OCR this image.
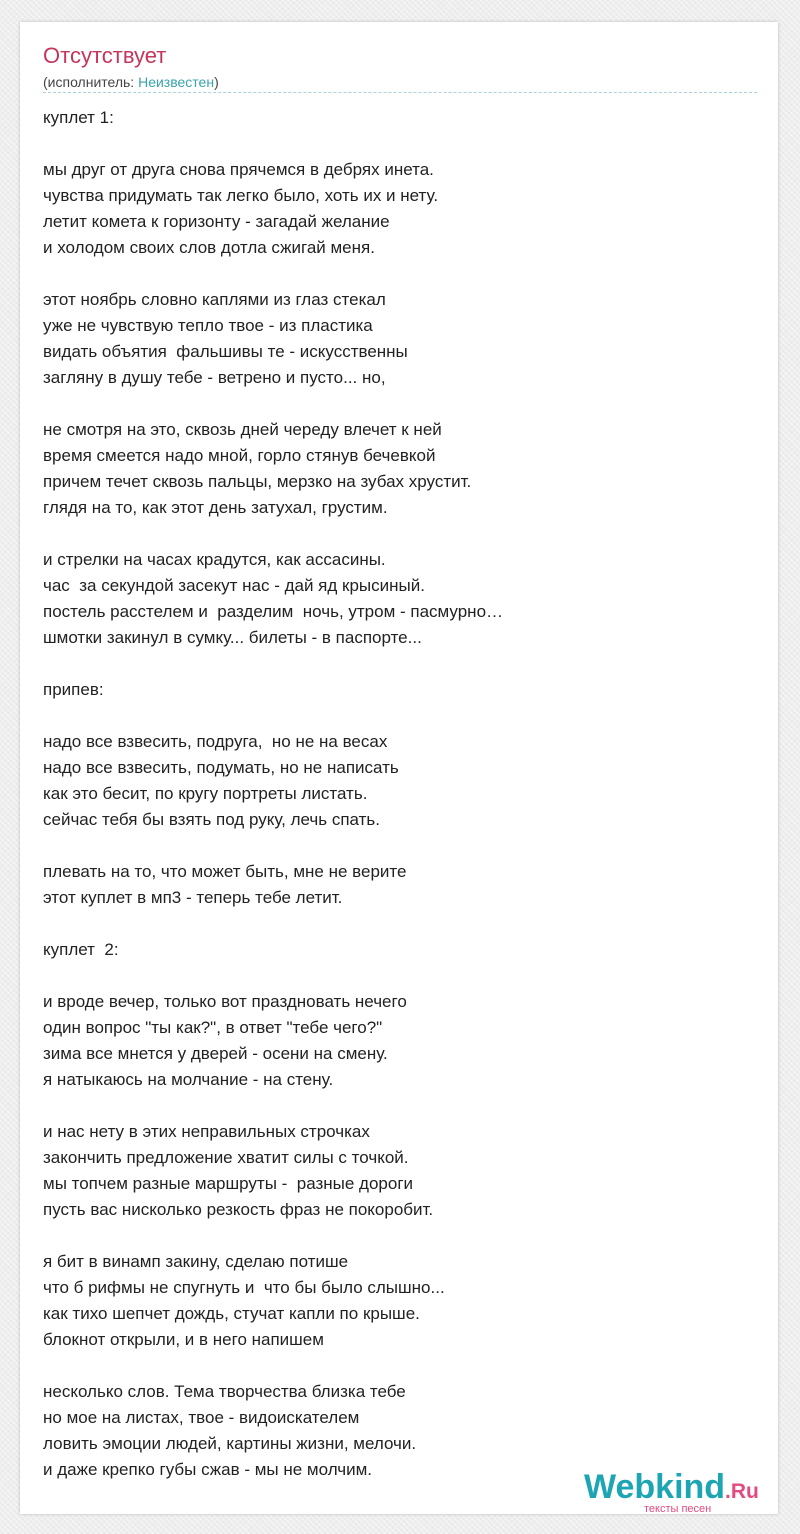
Отсутствует
(исполнитель: Неизвестен)
куплет 1:
мы друг от друга снова прячемся в дебрях инета.
чувства придумать так легко было, хоть их и нету.
летит комета к горизонту - загадай желание
и холодом своих слов дотла сжигай меня.
этот ноябрь словно каплями из глаз стекал
уже не чувствую тепло твое - из пластика
видать объятия  фальшивы те - искусственны
загляну в душу тебе - ветрено и пусто... но,
не смотря на это, сквозь дней череду влечет к ней
время смеется надо мной, горло стянув бечевкой
причем течет сквозь пальцы, мерзко на зубах хрустит.
глядя на то, как этот день затухал, грустим.
и стрелки на часах крадутся, как ассасины.
час  за секундой засекут нас - дай яд крысиный.
постель расстелем и  разделим  ночь, утром - пасмурно…
шмотки закинул в сумку... билеты - в паспорте...
припев:
надо все взвесить, подруга,  но не на весах
надо все взвесить, подумать, но не написать
как это бесит, по кругу портреты листать.
сейчас тебя бы взять под руку, лечь спать.
плевать на то, что может быть, мне не верите
этот куплет в мп3 - теперь тебе летит.
куплет  2:
и вроде вечер, только вот праздновать нечего
один вопрос "ты как?", в ответ "тебе чего?"
зима все мнется у дверей - осени на смену.
я натыкаюсь на молчание - на стену.
и нас нету в этих неправильных строчках
закончить предложение хватит силы с точкой.
мы топчем разные маршруты -  разные дороги
пусть вас нисколько резкость фраз не покоробит.
я бит в винамп закину, сделаю потише
что б рифмы не спугнуть и  что бы было слышно...
как тихо шепчет дождь, стучат капли по крыше.
блокнот открыли, и в него напишем
несколько слов. Тема творчества близка тебе
но мое на листах, твое - видоискателем
ловить эмоции людей, картины жизни, мелочи.
и даже крепко губы сжав - мы не молчим.	Webkind.Ru
тексты песен
